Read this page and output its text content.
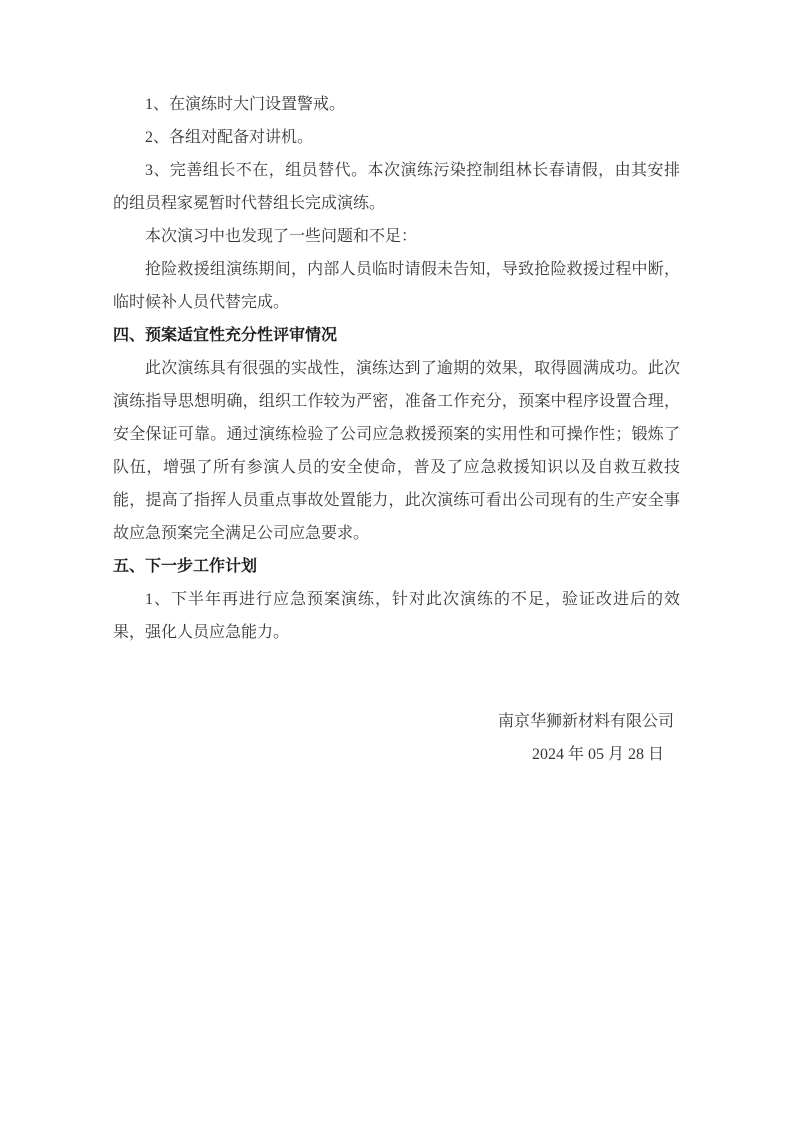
1、在演练时大门设置警戒。

2、各组对配备对讲机。

3、完善组长不在，组员替代。本次演练污染控制组林长春请假，由其安排的组员程家冕暂时代替组长完成演练。

本次演习中也发现了一些问题和不足：

抢险救援组演练期间，内部人员临时请假未告知，导致抢险救援过程中断，临时候补人员代替完成。

四、预案适宜性充分性评审情况

此次演练具有很强的实战性，演练达到了逾期的效果，取得圆满成功。此次演练指导思想明确，组织工作较为严密，准备工作充分，预案中程序设置合理，安全保证可靠。通过演练检验了公司应急救援预案的实用性和可操作性；锻炼了队伍，增强了所有参演人员的安全使命，普及了应急救援知识以及自救互救技能，提高了指挥人员重点事故处置能力，此次演练可看出公司现有的生产安全事故应急预案完全满足公司应急要求。

五、下一步工作计划

1、下半年再进行应急预案演练，针对此次演练的不足，验证改进后的效果，强化人员应急能力。

南京华狮新材料有限公司

2024 年 05 月 28 日
